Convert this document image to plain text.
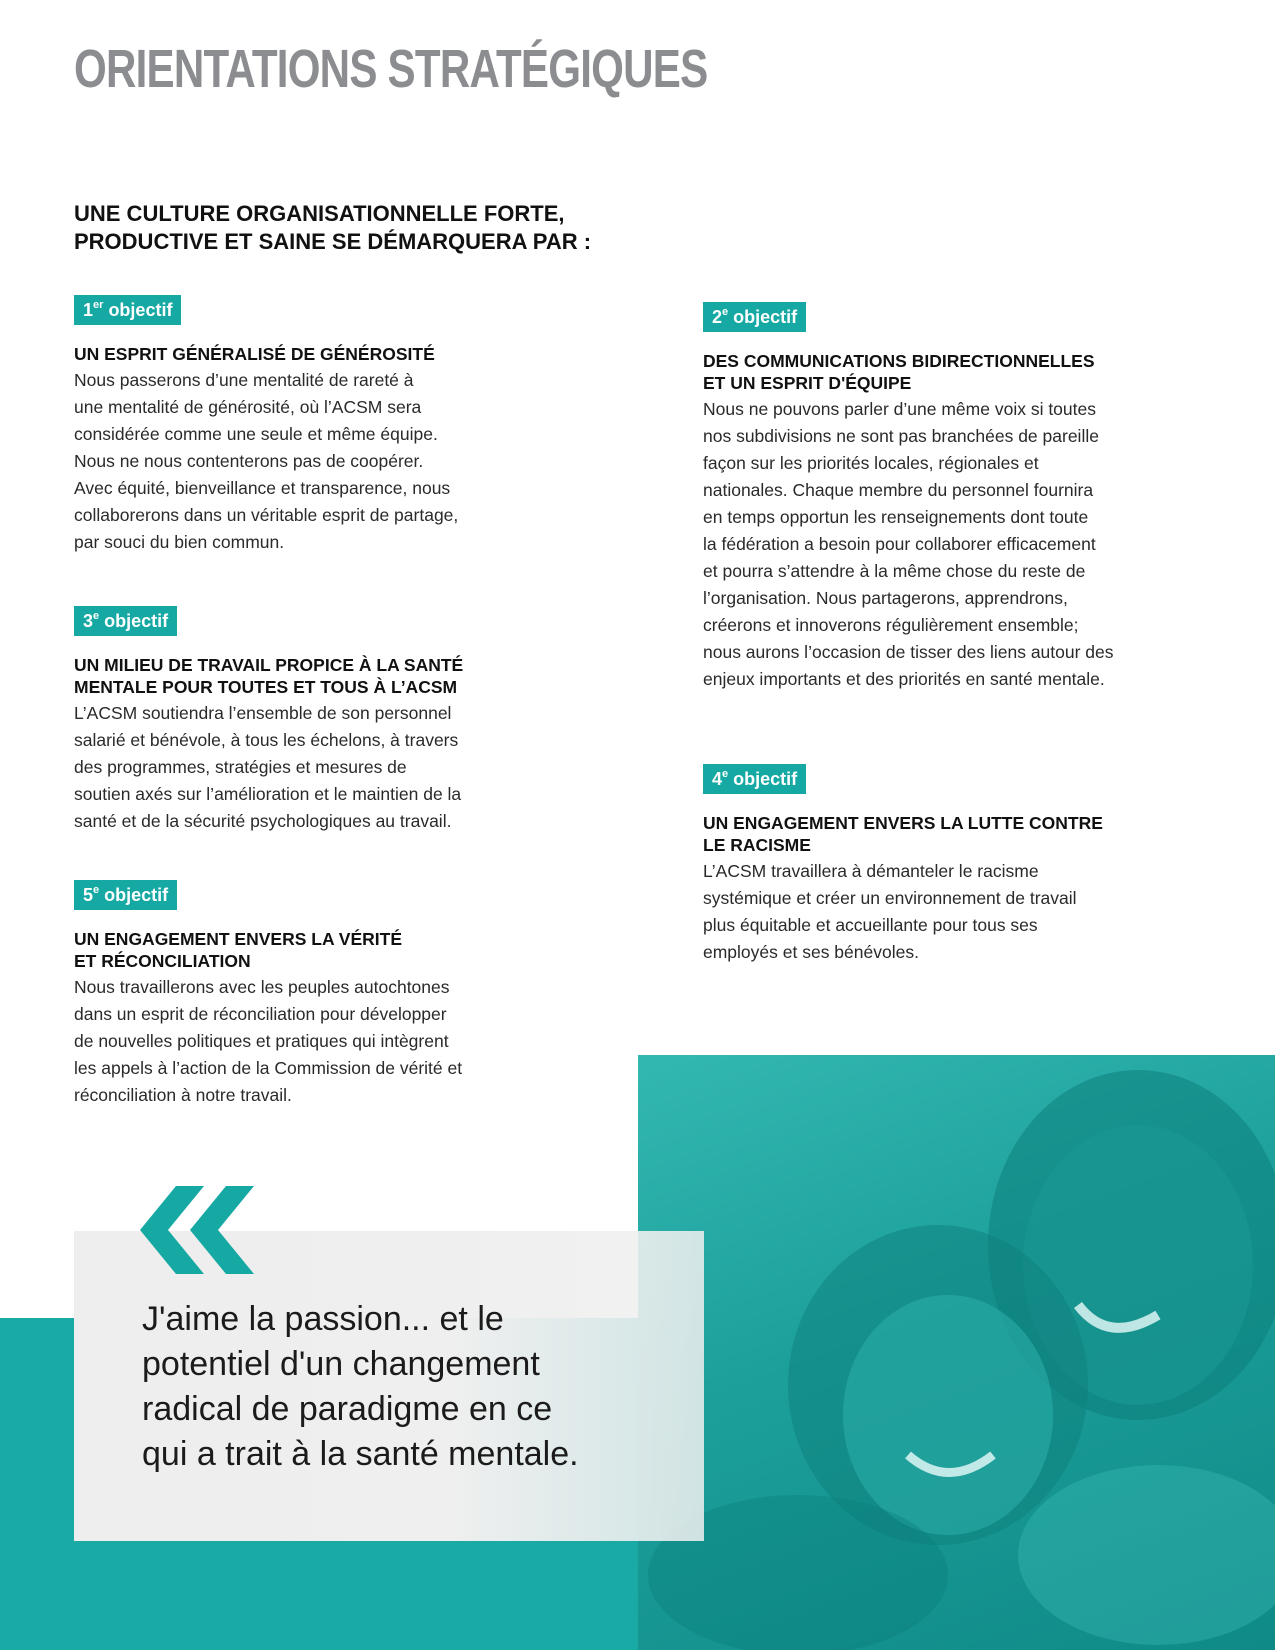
ORIENTATIONS STRATÉGIQUES

UNE CULTURE ORGANISATIONNELLE FORTE, PRODUCTIVE ET SAINE SE DÉMARQUERA PAR :

1er objectif

UN ESPRIT GÉNÉRALISÉ DE GÉNÉROSITÉ

Nous passerons d’une mentalité de rareté à
une mentalité de générosité, où l’ACSM sera
considérée comme une seule et même équipe.
Nous ne nous contenterons pas de coopérer.
Avec équité, bienveillance et transparence, nous
collaborerons dans un véritable esprit de partage,
par souci du bien commun.

2e objectif

DES COMMUNICATIONS BIDIRECTIONNELLES
ET UN ESPRIT D'ÉQUIPE

Nous ne pouvons parler d’une même voix si toutes
nos subdivisions ne sont pas branchées de pareille
façon sur les priorités locales, régionales et
nationales. Chaque membre du personnel fournira
en temps opportun les renseignements dont toute
la fédération a besoin pour collaborer efficacement
et pourra s’attendre à la même chose du reste de
l’organisation. Nous partagerons, apprendrons,
créerons et innoverons régulièrement ensemble;
nous aurons l’occasion de tisser des liens autour des
enjeux importants et des priorités en santé mentale.

3e objectif

UN MILIEU DE TRAVAIL PROPICE À LA SANTÉ
MENTALE POUR TOUTES ET TOUS À L’ACSM

L’ACSM soutiendra l’ensemble de son personnel
salarié et bénévole, à tous les échelons, à travers
des programmes, stratégies et mesures de
soutien axés sur l’amélioration et le maintien de la
santé et de la sécurité psychologiques au travail.

4e objectif

UN ENGAGEMENT ENVERS LA LUTTE CONTRE
LE RACISME

L’ACSM travaillera à démanteler le racisme
systémique et créer un environnement de travail
plus équitable et accueillante pour tous ses
employés et ses bénévoles.

5e objectif

UN ENGAGEMENT ENVERS LA VÉRITÉ
ET RÉCONCILIATION

Nous travaillerons avec les peuples autochtones
dans un esprit de réconciliation pour développer
de nouvelles politiques et pratiques qui intègrent
les appels à l’action de la Commission de vérité et
réconciliation à notre travail.

J'aime la passion... et le
potentiel d'un changement
radical de paradigme en ce
qui a trait à la santé mentale.
